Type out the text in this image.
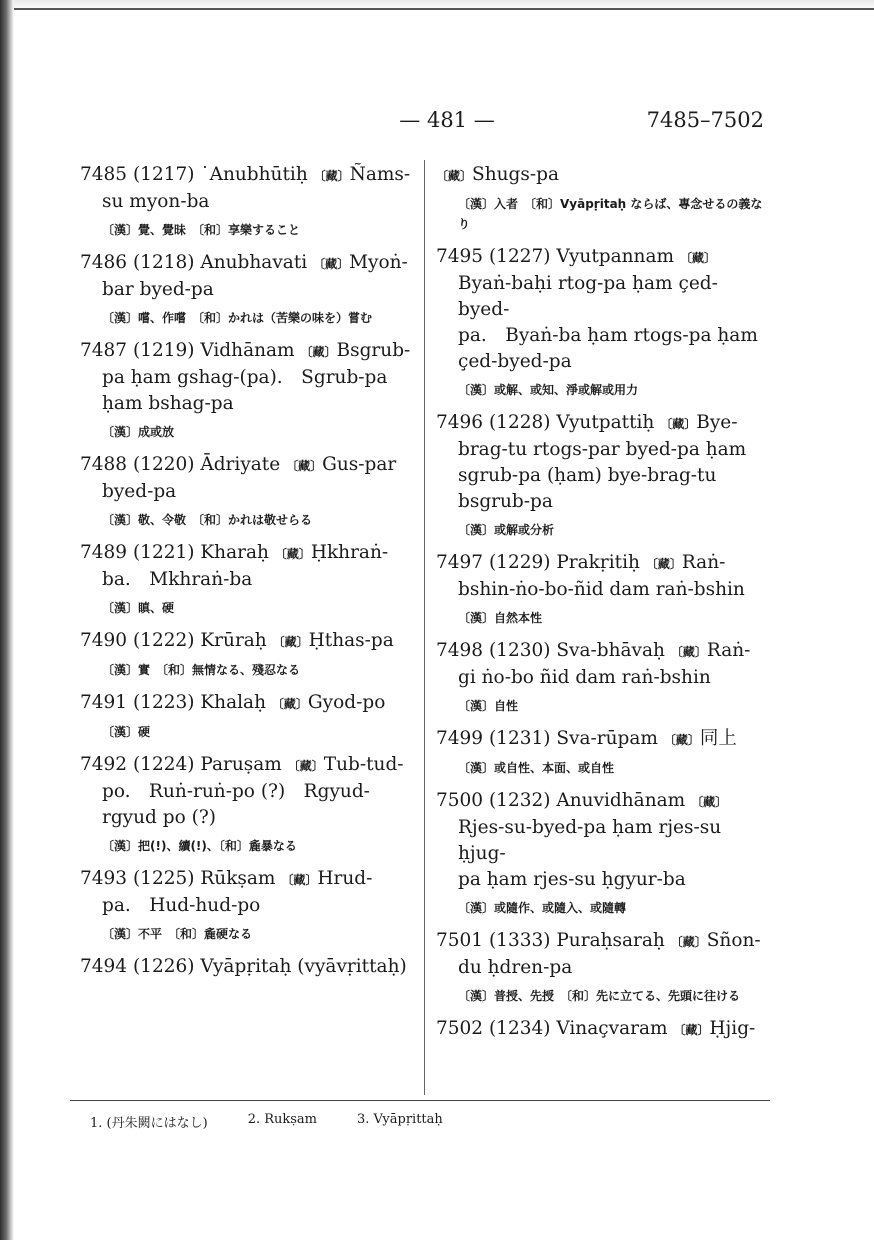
— 481 —	7485–7502
7485 (1217) ˙Anubhūtiḥ 〔藏〕Ñams-
su myon-ba
〔漢〕覺、覺昧　〔和〕享樂すること
7486 (1218) Anubhavati 〔藏〕Myoṅ-
bar byed-pa
〔漢〕嚐、作嚐　〔和〕かれは（苦樂の味を）嘗む
7487 (1219) Vidhānam 〔藏〕Bsgrub-
pa ḥam gshag-(pa).　Sgrub-pa
ḥam bshag-pa
〔漢〕成或放
7488 (1220) Ādriyate 〔藏〕Gus-par
byed-pa
〔漢〕敬、令敬　〔和〕かれは敬せらる
7489 (1221) Kharaḥ 〔藏〕Ḥkhraṅ-
ba.　Mkhraṅ-ba
〔漢〕瞋、硬
7490 (1222) Krūraḥ 〔藏〕Ḥthas-pa
〔漢〕實　〔和〕無情なる、殘忍なる
7491 (1223) Khalaḥ 〔藏〕Gyod-po
〔漢〕硬
7492 (1224) Paruṣam 〔藏〕Tub-tud-
po.　Ruṅ-ruṅ-po (?)　Rgyud-
rgyud po (?)
〔漢〕把(!)、續(!)、〔和〕麁暴なる
7493 (1225) Rūkṣam 〔藏〕Hrud-
pa.　Hud-hud-po
〔漢〕不平　〔和〕麁硬なる
7494 (1226) Vyāpṛitaḥ (vyāvṛittaḥ)
〔藏〕Shugs-pa
〔漢〕入者　〔和〕Vyāpṛitaḥ ならば、專念せるの義なり
7495 (1227) Vyutpannam 〔藏〕
Byaṅ-baḥi rtog-pa ḥam çed-byed-
pa.　Byaṅ-ba ḥam rtogs-pa ḥam
çed-byed-pa
〔漢〕或解、或知、淨或解或用力
7496 (1228) Vyutpattiḥ 〔藏〕Bye-
brag-tu rtogs-par byed-pa ḥam
sgrub-pa (ḥam) bye-brag-tu
bsgrub-pa
〔漢〕或解或分析
7497 (1229) Prakṛitiḥ 〔藏〕Raṅ-
bshin-ṅo-bo-ñid dam raṅ-bshin
〔漢〕自然本性
7498 (1230) Sva-bhāvaḥ 〔藏〕Raṅ-
gi ṅo-bo ñid dam raṅ-bshin
〔漢〕自性
7499 (1231) Sva-rūpam 〔藏〕同上
〔漢〕或自性、本面、或自性
7500 (1232) Anuvidhānam 〔藏〕
Rjes-su-byed-pa ḥam rjes-su ḥjug-
pa ḥam rjes-su ḥgyur-ba
〔漢〕或隨作、或隨入、或隨轉
7501 (1333) Puraḥsaraḥ 〔藏〕Sñon-
du ḥdren-pa
〔漢〕普授、先授　〔和〕先に立てる、先頭に往ける
7502 (1234) Vinaçvaram 〔藏〕Ḥjig-
1. (丹朱闕にはなし)	2. Rukṣam	3. Vyāpṛittaḥ
